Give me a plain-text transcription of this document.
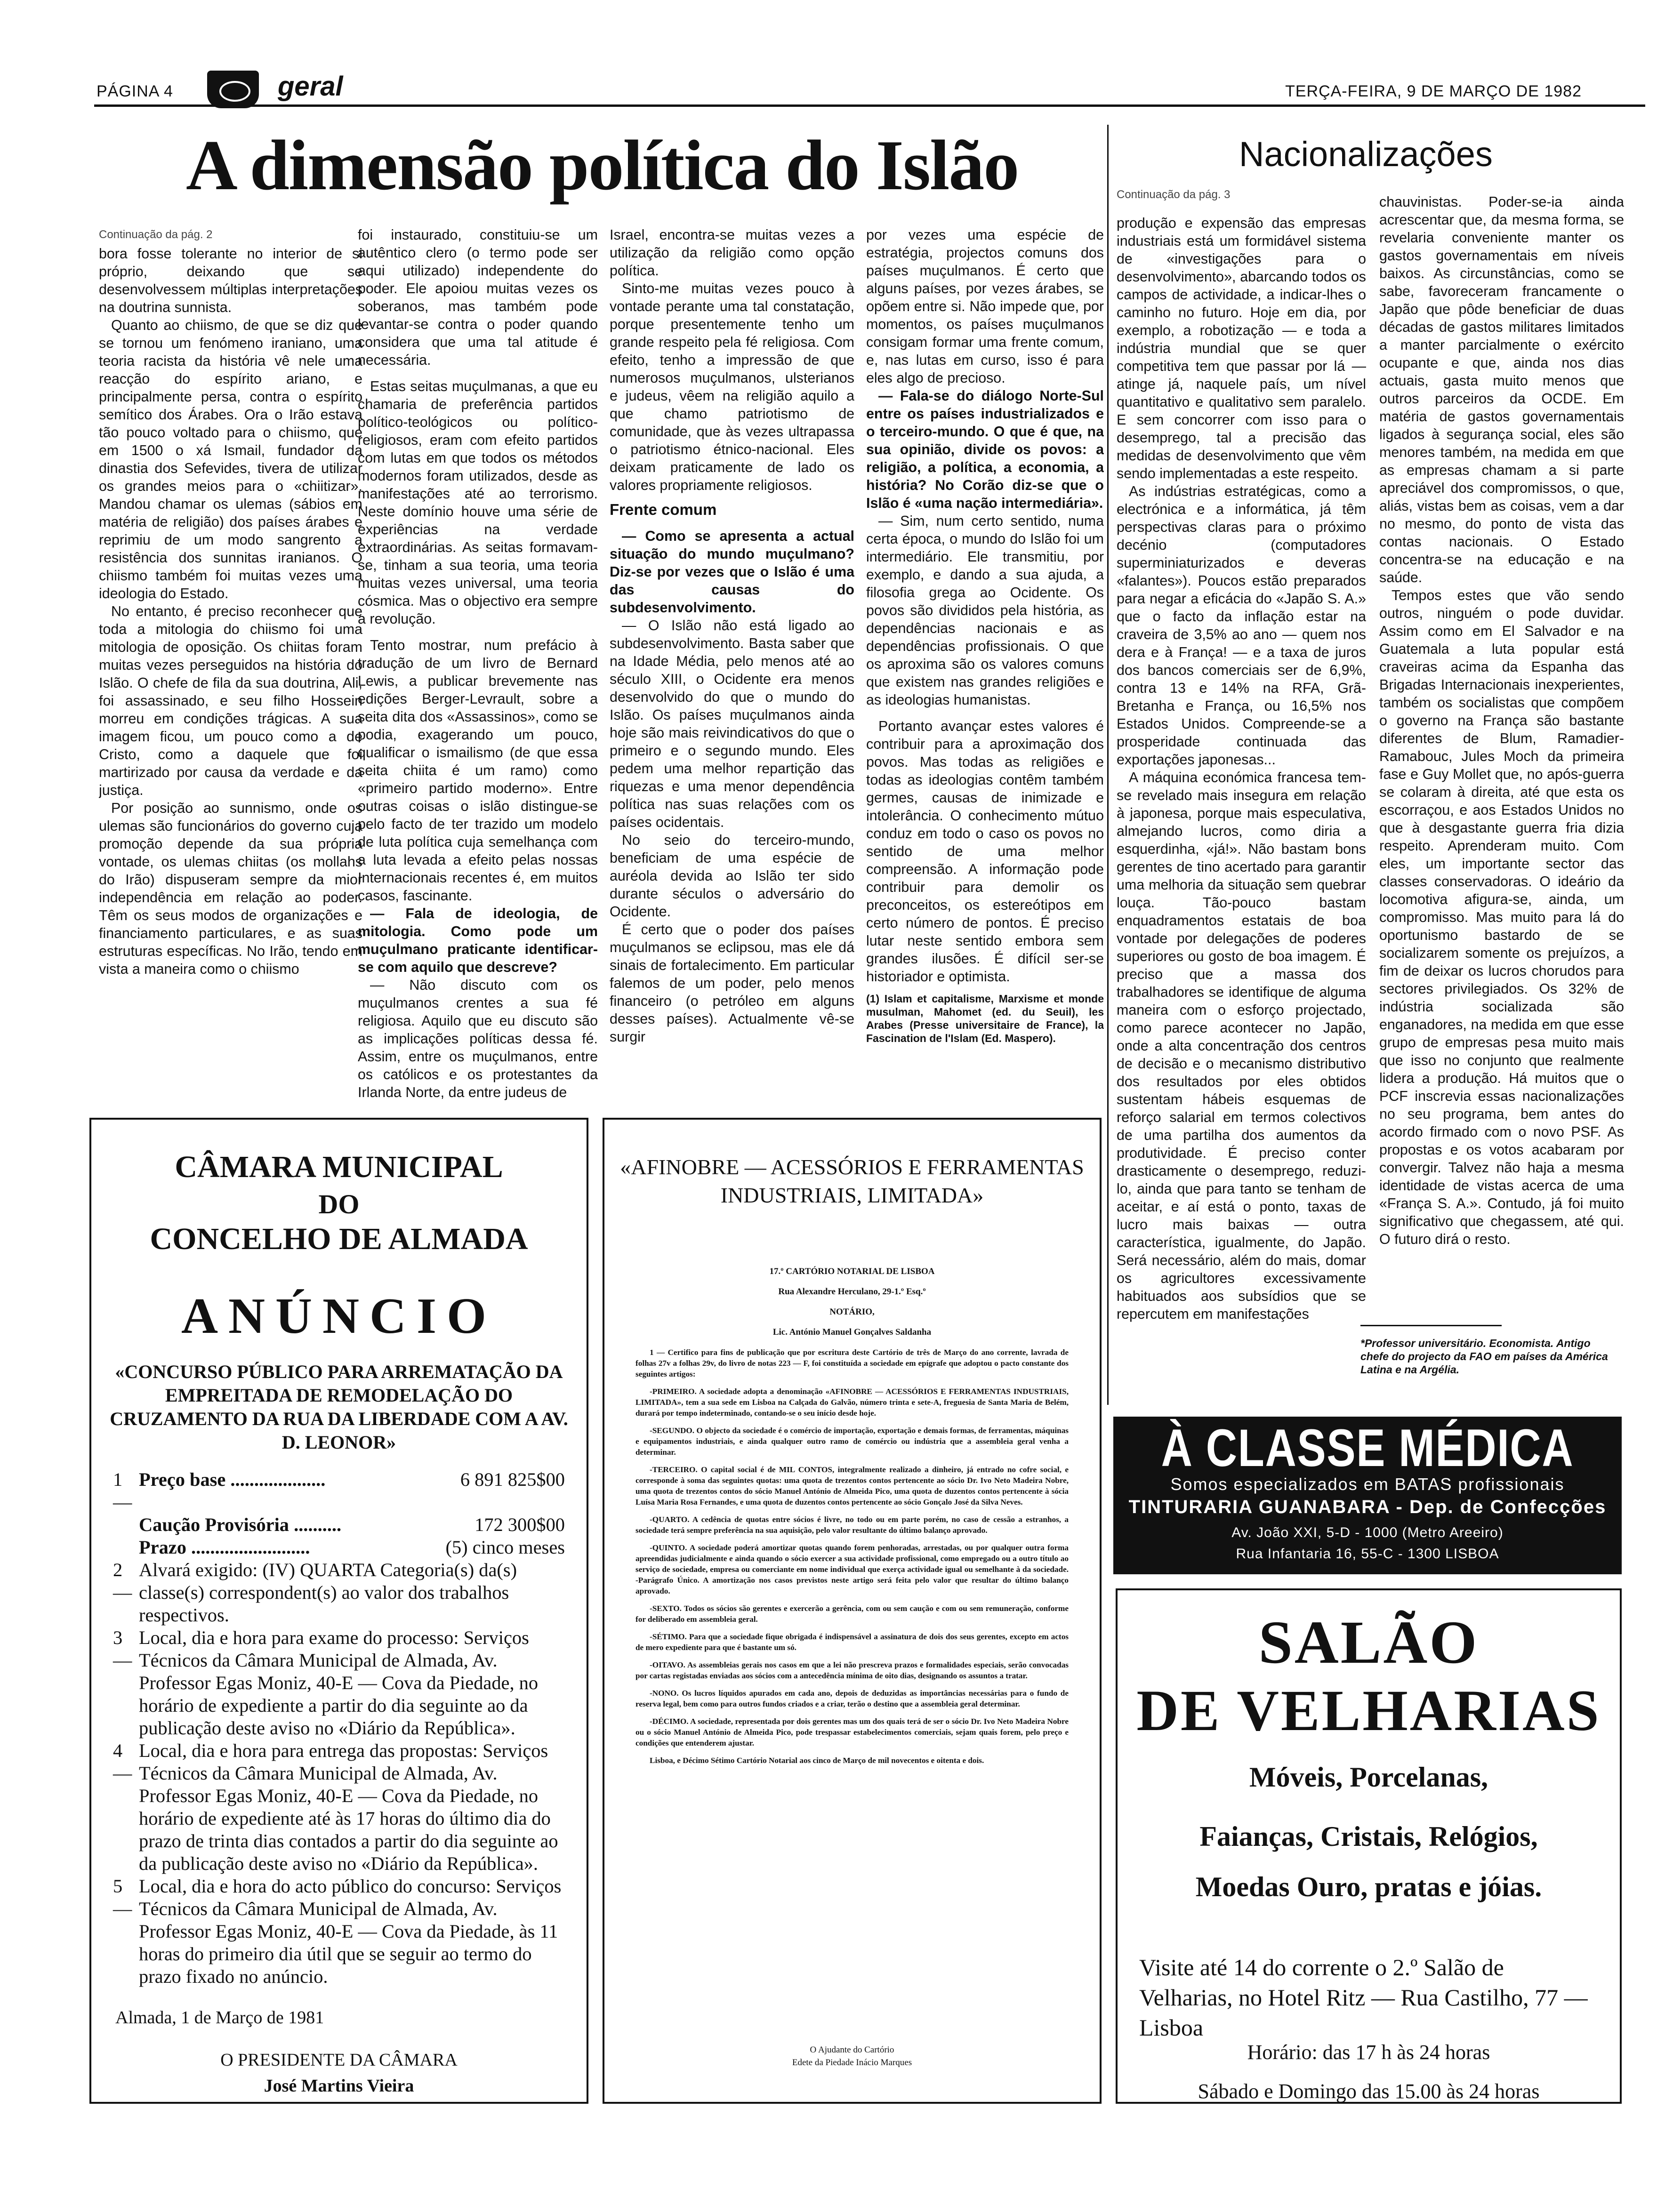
PÁGINA 4	geral	TERÇA-FEIRA, 9 DE MARÇO DE 1982
A dimensão política do Islão
Continuação da pág. 2

bora fosse tolerante no interior de si próprio, deixando que se desenvolvessem múltiplas interpretações na doutrina sunnista.

Quanto ao chiismo, de que se diz que se tornou um fenómeno iraniano, uma teoria racista da história vê nele uma reacção do espírito ariano, e principalmente persa, contra o espírito semítico dos Árabes. Ora o Irão estava tão pouco voltado para o chiismo, que em 1500 o xá Ismail, fundador da dinastia dos Sefevides, tivera de utilizar os grandes meios para o «chiitizar». Mandou chamar os ulemas (sábios em matéria de religião) dos países árabes e reprimiu de um modo sangrento a resistência dos sunnitas iranianos. O chiismo também foi muitas vezes uma ideologia do Estado.

No entanto, é preciso reconhecer que toda a mitologia do chiismo foi uma mitologia de oposição. Os chiitas foram muitas vezes perseguidos na história do Islão. O chefe de fila da sua doutrina, Ali, foi assassinado, e seu filho Hossein morreu em condições trágicas. A sua imagem ficou, um pouco como a de Cristo, como a daquele que foi martirizado por causa da verdade e da justiça.

Por posição ao sunnismo, onde os ulemas são funcionários do governo cuja promoção depende da sua própria vontade, os ulemas chiitas (os mollahs do Irão) dispuseram sempre da mior independência em relação ao poder. Têm os seus modos de organizações e financiamento particulares, e as suas estruturas específicas. No Irão, tendo em vista a maneira como o chiismo

foi instaurado, constituiu-se um autêntico clero (o termo pode ser aqui utilizado) independente do poder. Ele apoiou muitas vezes os soberanos, mas também pode levantar-se contra o poder quando considera que uma tal atitude é necessária.

Estas seitas muçulmanas, a que eu chamaria de preferência partidos político-teológicos ou político-religiosos, eram com efeito partidos com lutas em que todos os métodos modernos foram utilizados, desde as manifestações até ao terrorismo. Neste domínio houve uma série de experiências na verdade extraordinárias. As seitas formavam-se, tinham a sua teoria, uma teoria muitas vezes universal, uma teoria cósmica. Mas o objectivo era sempre a revolução.

Tento mostrar, num prefácio à tradução de um livro de Bernard Lewis, a publicar brevemente nas edições Berger-Levrault, sobre a seita dita dos «Assassinos», como se podia, exagerando um pouco, qualificar o ismailismo (de que essa seita chiita é um ramo) como «primeiro partido moderno». Entre outras coisas o islão distingue-se pelo facto de ter trazido um modelo de luta política cuja semelhança com a luta levada a efeito pelas nossas Internacionais recentes é, em muitos casos, fascinante.

— Fala de ideologia, de mitologia. Como pode um muçulmano praticante identificar-se com aquilo que descreve?

— Não discuto com os muçulmanos crentes a sua fé religiosa. Aquilo que eu discuto são as implicações políticas dessa fé. Assim, entre os muçulmanos, entre os católicos e os protestantes da Irlanda Norte, da entre judeus de

Israel, encontra-se muitas vezes a utilização da religião como opção política.

Sinto-me muitas vezes pouco à vontade perante uma tal constatação, porque presentemente tenho um grande respeito pela fé religiosa. Com efeito, tenho a impressão de que numerosos muçulmanos, ulsterianos e judeus, vêem na religião aquilo a que chamo patriotismo de comunidade, que às vezes ultrapassa o patriotismo étnico-nacional. Eles deixam praticamente de lado os valores propriamente religiosos.

Frente comum

— Como se apresenta a actual situação do mundo muçulmano? Diz-se por vezes que o Islão é uma das causas do subdesenvolvimento.

— O Islão não está ligado ao subdesenvolvimento. Basta saber que na Idade Média, pelo menos até ao século XIII, o Ocidente era menos desenvolvido do que o mundo do Islão. Os países muçulmanos ainda hoje são mais reivindicativos do que o primeiro e o segundo mundo. Eles pedem uma melhor repartição das riquezas e uma menor dependência política nas suas relações com os países ocidentais.

No seio do terceiro-mundo, beneficiam de uma espécie de auréola devida ao Islão ter sido durante séculos o adversário do Ocidente.

É certo que o poder dos países muçulmanos se eclipsou, mas ele dá sinais de fortalecimento. Em particular falemos de um poder, pelo menos financeiro (o petróleo em alguns desses países). Actualmente vê-se surgir

por vezes uma espécie de estratégia, projectos comuns dos países muçulmanos. É certo que alguns países, por vezes árabes, se opõem entre si. Não impede que, por momentos, os países muçulmanos consigam formar uma frente comum, e, nas lutas em curso, isso é para eles algo de precioso.

— Fala-se do diálogo Norte-Sul entre os países industrializados e o terceiro-mundo. O que é que, na sua opinião, divide os povos: a religião, a política, a economia, a história? No Corão diz-se que o Islão é «uma nação intermediária».

— Sim, num certo sentido, numa certa época, o mundo do Islão foi um intermediário. Ele transmitiu, por exemplo, e dando a sua ajuda, a filosofia grega ao Ocidente. Os povos são divididos pela história, as dependências nacionais e as dependências profissionais. O que os aproxima são os valores comuns que existem nas grandes religiões e as ideologias humanistas.

Portanto avançar estes valores é contribuir para a aproximação dos povos. Mas todas as religiões e todas as ideologias contêm também germes, causas de inimizade e intolerância. O conhecimento mútuo conduz em todo o caso os povos no sentido de uma melhor compreensão. A informação pode contribuir para demolir os preconceitos, os estereótipos em certo número de pontos. É preciso lutar neste sentido embora sem grandes ilusões. É difícil ser-se historiador e optimista.

(1) Islam et capitalisme, Marxisme et monde musulman, Mahomet (ed. du Seuil), les Arabes (Presse universitaire de France), la Fascination de l'Islam (Ed. Maspero).

Nacionalizações
Continuação da pág. 3

produção e expensão das empresas industriais está um formidável sistema de «investigações para o desenvolvimento», abarcando todos os campos de actividade, a indicar-lhes o caminho no futuro. Hoje em dia, por exemplo, a robotização — e toda a indústria mundial que se quer competitiva tem que passar por lá — atinge já, naquele país, um nível quantitativo e qualitativo sem paralelo. E sem concorrer com isso para o desemprego, tal a precisão das medidas de desenvolvimento que vêm sendo implementadas a este respeito.

As indústrias estratégicas, como a electrónica e a informática, já têm perspectivas claras para o próximo decénio (computadores superminiaturizados e deveras «falantes»). Poucos estão preparados para negar a eficácia do «Japão S. A.» que o facto da inflação estar na craveira de 3,5% ao ano — quem nos dera e à França! — e a taxa de juros dos bancos comerciais ser de 6,9%, contra 13 e 14% na RFA, Grã-Bretanha e França, ou 16,5% nos Estados Unidos. Compreende-se a prosperidade continuada das exportações japonesas...

A máquina económica francesa tem-se revelado mais insegura em relação à japonesa, porque mais especulativa, almejando lucros, como diria a esquerdinha, «já!». Não bastam bons gerentes de tino acertado para garantir uma melhoria da situação sem quebrar louça. Tão-pouco bastam enquadramentos estatais de boa vontade por delegações de poderes superiores ou gosto de boa imagem. É preciso que a massa dos trabalhadores se identifique de alguma maneira com o esforço projectado, como parece acontecer no Japão, onde a alta concentração dos centros de decisão e o mecanismo distributivo dos resultados por eles obtidos sustentam hábeis esquemas de reforço salarial em termos colectivos de uma partilha dos aumentos da produtividade. É preciso conter drasticamente o desemprego, reduzi-lo, ainda que para tanto se tenham de aceitar, e aí está o ponto, taxas de lucro mais baixas — outra característica, igualmente, do Japão. Será necessário, além do mais, domar os agricultores excessivamente habituados aos subsídios que se repercutem em manifestações

chauvinistas. Poder-se-ia ainda acrescentar que, da mesma forma, se revelaria conveniente manter os gastos governamentais em níveis baixos. As circunstâncias, como se sabe, favoreceram francamente o Japão que pôde beneficiar de duas décadas de gastos militares limitados a manter parcialmente o exército ocupante e que, ainda nos dias actuais, gasta muito menos que outros parceiros da OCDE. Em matéria de gastos governamentais ligados à segurança social, eles são menores também, na medida em que as empresas chamam a si parte apreciável dos compromissos, o que, aliás, vistas bem as coisas, vem a dar no mesmo, do ponto de vista das contas nacionais. O Estado concentra-se na educação e na saúde.

Tempos estes que vão sendo outros, ninguém o pode duvidar. Assim como em El Salvador e na Guatemala a luta popular está craveiras acima da Espanha das Brigadas Internacionais inexperientes, também os socialistas que compõem o governo na França são bastante diferentes de Blum, Ramadier-Ramabouc, Jules Moch da primeira fase e Guy Mollet que, no após-guerra se colaram à direita, até que esta os escorraçou, e aos Estados Unidos no que à desgastante guerra fria dizia respeito. Aprenderam muito. Com eles, um importante sector das classes conservadoras. O ideário da locomotiva afigura-se, ainda, um compromisso. Mas muito para lá do oportunismo bastardo de se socializarem somente os prejuízos, a fim de deixar os lucros chorudos para sectores privilegiados. Os 32% de indústria socializada são enganadores, na medida em que esse grupo de empresas pesa muito mais que isso no conjunto que realmente lidera a produção. Há muitos que o PCF inscrevia essas nacionalizações no seu programa, bem antes do acordo firmado com o novo PSF. As propostas e os votos acabaram por convergir. Talvez não haja a mesma identidade de vistas acerca de uma «França S. A.». Contudo, já foi muito significativo que chegassem, até qui. O futuro dirá o resto.

*Professor universitário. Economista. Antigo chefe do projecto da FAO em países da América Latina e na Argélia.
CÂMARA MUNICIPAL
DO
CONCELHO DE ALMADA
ANÚNCIO
«CONCURSO PÚBLICO PARA ARREMATAÇÃO DA EMPREITADA DE REMODELAÇÃO DO CRUZAMENTO DA RUA DA LIBERDADE COM A AV. D. LEONOR»
1 —
Preço base ....................	6 891 825$00
Caução Provisória ..........	172 300$00
Prazo .........................	(5) cinco meses
2 —
Alvará exigido: (IV) QUARTA Categoria(s) da(s) classe(s) correspondent(s) ao valor dos trabalhos respectivos.
3 —
Local, dia e hora para exame do processo: Serviços Técnicos da Câmara Municipal de Almada, Av. Professor Egas Moniz, 40-E — Cova da Piedade, no horário de expediente a partir do dia seguinte ao da publicação deste aviso no «Diário da República».
4 —
Local, dia e hora para entrega das propostas: Serviços Técnicos da Câmara Municipal de Almada, Av. Professor Egas Moniz, 40-E — Cova da Piedade, no horário de expediente até às 17 horas do último dia do prazo de trinta dias contados a partir do dia seguinte ao da publicação deste aviso no «Diário da República».
5 —
Local, dia e hora do acto público do concurso: Serviços Técnicos da Câmara Municipal de Almada, Av. Professor Egas Moniz, 40-E — Cova da Piedade, às 11 horas do primeiro dia útil que se seguir ao termo do prazo fixado no anúncio.
Almada, 1 de Março de 1981
O PRESIDENTE DA CÂMARA
José Martins Vieira
«AFINOBRE — ACESSÓRIOS E FERRAMENTAS INDUSTRIAIS, LIMITADA»
17.º CARTÓRIO NOTARIAL DE LISBOA
Rua Alexandre Herculano, 29-1.º Esq.º
NOTÁRIO,
Lic. António Manuel Gonçalves Saldanha

1 — Certifico para fins de publicação que por escritura deste Cartório de três de Março do ano corrente, lavrada de folhas 27v a folhas 29v, do livro de notas 223 — F, foi constituída a sociedade em epígrafe que adoptou o pacto constante dos seguintes artigos:

-PRIMEIRO. A sociedade adopta a denominação «AFINOBRE — ACESSÓRIOS E FERRAMENTAS INDUSTRIAIS, LIMITADA», tem a sua sede em Lisboa na Calçada do Galvão, número trinta e sete-A, freguesia de Santa Maria de Belém, durará por tempo indeterminado, contando-se o seu início desde hoje.

-SEGUNDO. O objecto da sociedade é o comércio de importação, exportação e demais formas, de ferramentas, máquinas e equipamentos industriais, e ainda qualquer outro ramo de comércio ou indústria que a assembleia geral venha a determinar.

-TERCEIRO. O capital social é de MIL CONTOS, integralmente realizado a dinheiro, já entrado no cofre social, e corresponde à soma das seguintes quotas: uma quota de trezentos contos pertencente ao sócio Dr. Ivo Neto Madeira Nobre, uma quota de trezentos contos do sócio Manuel António de Almeida Pico, uma quota de duzentos contos pertencente à sócia Luísa Maria Rosa Fernandes, e uma quota de duzentos contos pertencente ao sócio Gonçalo José da Silva Neves.

-QUARTO. A cedência de quotas entre sócios é livre, no todo ou em parte porém, no caso de cessão a estranhos, a sociedade terá sempre preferência na sua aquisição, pelo valor resultante do último balanço aprovado.

-QUINTO. A sociedade poderá amortizar quotas quando forem penhoradas, arrestadas, ou por qualquer outra forma apreendidas judicialmente e ainda quando o sócio exercer a sua actividade profissional, como empregado ou a outro título ao serviço de sociedade, empresa ou comerciante em nome individual que exerça actividade igual ou semelhante à da sociedade. -Parágrafo Único. A amortização nos casos previstos neste artigo será feita pelo valor que resultar do último balanço aprovado.

-SEXTO. Todos os sócios são gerentes e exercerão a gerência, com ou sem caução e com ou sem remuneração, conforme for deliberado em assembleia geral.

-SÉTIMO. Para que a sociedade fique obrigada é indispensável a assinatura de dois dos seus gerentes, excepto em actos de mero expediente para que é bastante um só.

-OITAVO. As assembleias gerais nos casos em que a lei não prescreva prazos e formalidades especiais, serão convocadas por cartas registadas enviadas aos sócios com a antecedência mínima de oito dias, designando os assuntos a tratar.

-NONO. Os lucros líquidos apurados em cada ano, depois de deduzidas as importâncias necessárias para o fundo de reserva legal, bem como para outros fundos criados e a criar, terão o destino que a assembleia geral determinar.

-DÉCIMO. A sociedade, representada por dois gerentes mas um dos quais terá de ser o sócio Dr. Ivo Neto Madeira Nobre ou o sócio Manuel António de Almeida Pico, pode trespassar estabelecimentos comerciais, sejam quais forem, pelo preço e condições que entenderem ajustar.

Lisboa, e Décimo Sétimo Cartório Notarial aos cinco de Março de mil novecentos e oitenta e dois.

O Ajudante do Cartório
Edete da Piedade Inácio Marques
À CLASSE MÉDICA
Somos especializados em BATAS profissionais
TINTURARIA GUANABARA - Dep. de Confecções
Av. João XXI, 5-D - 1000 (Metro Areeiro)
Rua Infantaria 16, 55-C - 1300 LISBOA
SALÃO
DE VELHARIAS
Móveis, Porcelanas,
Faianças, Cristais, Relógios,
Moedas Ouro, pratas e jóias.
Visite até 14 do corrente o 2.º Salão de Velharias, no Hotel Ritz — Rua Castilho, 77 — Lisboa
Horário: das 17 h às 24 horas
Sábado e Domingo das 15.00 às 24 horas
